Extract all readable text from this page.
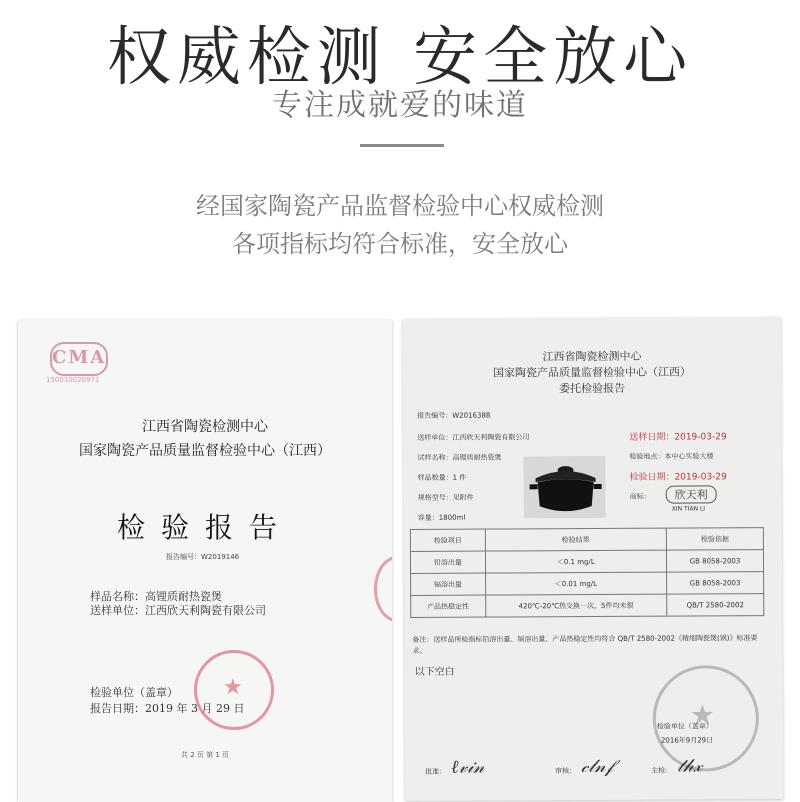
权威检测 安全放心
专注成就爱的味道
经国家陶瓷产品监督检验中心权威检测
各项指标均符合标准，安全放心
CMA
150010020971
江西省陶瓷检测中心
国家陶瓷产品质量监督检验中心（江西）
检验报告
报告编号：W2019146
样品名称：高锂质耐热瓷煲
送样单位：江西欣天利陶瓷有限公司
检验单位（盖章）
报告日期：2019 年 3 月 29 日
★
共 2 页 第 1 页
江西省陶瓷检测中心
国家陶瓷产品质量监督检验中心（江西）
委托检验报告
报告编号：W2016388
送样单位：江西欣天利陶瓷有限公司
试样名称：高锂质耐热瓷煲
样品数量：1 件
规格型号：见附件
容量：1800ml
送样日期：2019-03-29
检验地点：本中心实验大楼
检验日期：2019-03-29
商标：	欣天利
XIN TIAN LI
检验项目	检验结果	检验依据
铅溶出量	＜0.1 mg/L	GB 8058-2003
镉溶出量	＜0.01 mg/L	GB 8058-2003
产品热稳定性	420℃-20℃热交换一次，5件均未裂	QB/T 2580-2002
备注：送样品所检指标铅溶出量、镉溶出量、产品热稳定性均符合 QB/T 2580-2002《精细陶瓷煲(锅)》标准要求。
以下空白
★
检验单位（盖章）
2016年9月29日
批准： ℓ𝓋𝒾𝓃	审核： 𝒸𝓁𝓃𝒻	主检： 𝓉𝒽𝓍
